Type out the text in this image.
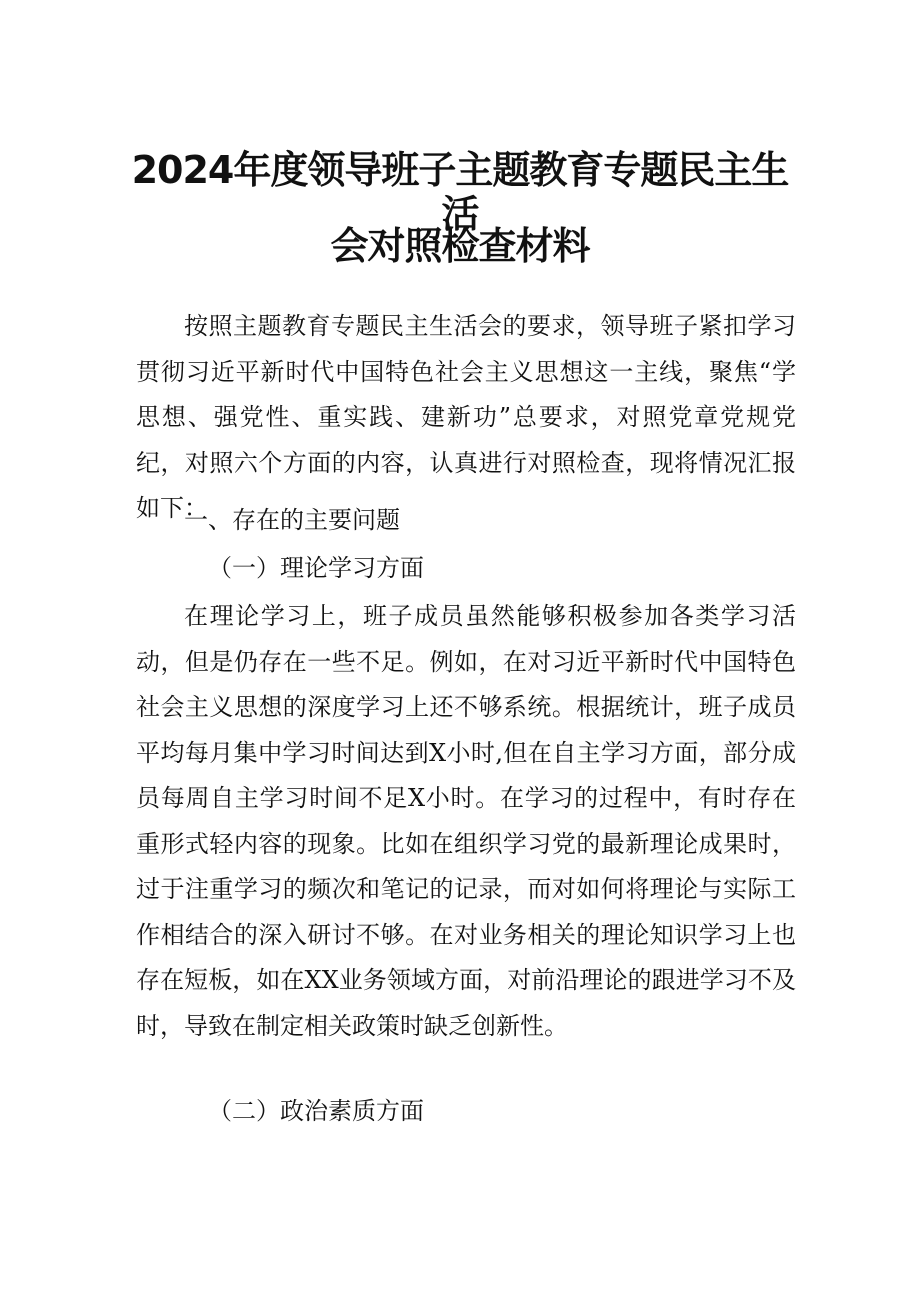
2024年度领导班子主题教育专题民主生活
会对照检查材料

按照主题教育专题民主生活会的要求，领导班子紧扣学习贯彻习近平新时代中国特色社会主义思想这一主线，聚焦“学思想、强党性、重实践、建新功”总要求，对照党章党规党纪，对照六个方面的内容，认真进行对照检查，现将情况汇报如下：

一、存在的主要问题

（一）理论学习方面

在理论学习上，班子成员虽然能够积极参加各类学习活动，但是仍存在一些不足。例如，在对习近平新时代中国特色社会主义思想的深度学习上还不够系统。根据统计，班子成员平均每月集中学习时间达到X小时,但在自主学习方面，部分成员每周自主学习时间不足X小时。在学习的过程中，有时存在重形式轻内容的现象。比如在组织学习党的最新理论成果时，过于注重学习的频次和笔记的记录，而对如何将理论与实际工作相结合的深入研讨不够。在对业务相关的理论知识学习上也存在短板，如在XX业务领域方面，对前沿理论的跟进学习不及时，导致在制定相关政策时缺乏创新性。

（二）政治素质方面
